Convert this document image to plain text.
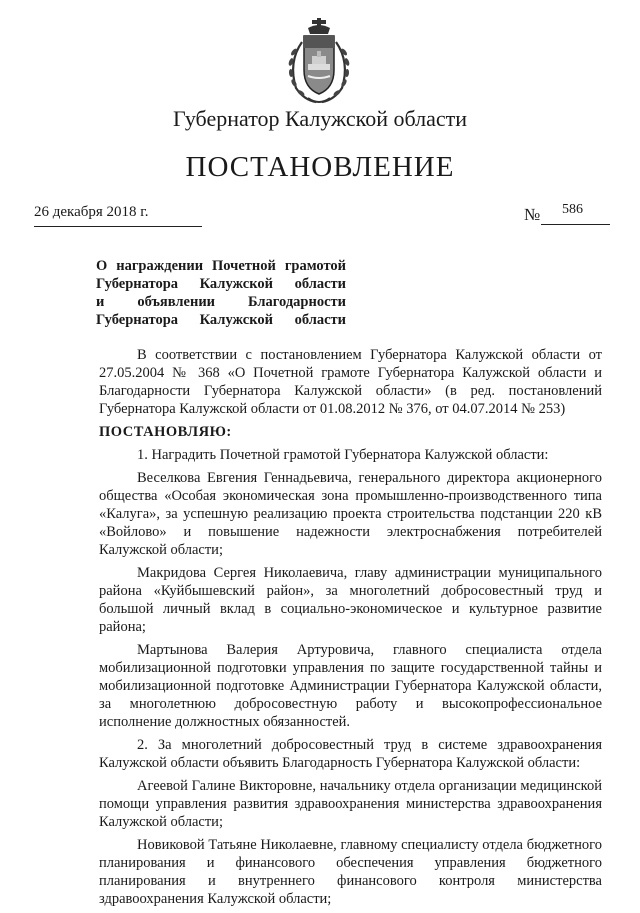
Губернатор Калужской области
ПОСТАНОВЛЕНИЕ
26 декабря 2018 г.	№ 586
О награждении Почетной грамотой
Губернатора Калужской области
и объявлении Благодарности
Губернатора Калужской области

В соответствии с постановлением Губернатора Калужской области от 27.05.2004 № 368 «О Почетной грамоте Губернатора Калужской области и Благодарности Губернатора Калужской области» (в ред. постановлений Губернатора Калужской области от 01.08.2012 № 376, от 04.07.2014 № 253)

ПОСТАНОВЛЯЮ:

1. Наградить Почетной грамотой Губернатора Калужской области:

Веселкова Евгения Геннадьевича, генерального директора акционерного общества «Особая экономическая зона промышленно-производственного типа «Калуга», за успешную реализацию проекта строительства подстанции 220 кВ «Войлово» и повышение надежности электроснабжения потребителей Калужской области;

Макридова Сергея Николаевича, главу администрации муниципального района «Куйбышевский район», за многолетний добросовестный труд и большой личный вклад в социально-экономическое и культурное развитие района;

Мартынова Валерия Артуровича, главного специалиста отдела мобилизационной подготовки управления по защите государственной тайны и мобилизационной подготовке Администрации Губернатора Калужской области, за многолетнюю добросовестную работу и высокопрофессиональное исполнение должностных обязанностей.

2. За многолетний добросовестный труд в системе здравоохранения Калужской области объявить Благодарность Губернатора Калужской области:

Агеевой Галине Викторовне, начальнику отдела организации медицинской помощи управления развития здравоохранения министерства здравоохранения Калужской области;

Новиковой Татьяне Николаевне, главному специалисту отдела бюджетного планирования и финансового обеспечения управления бюджетного планирования и внутреннего финансового контроля министерства здравоохранения Калужской области;
